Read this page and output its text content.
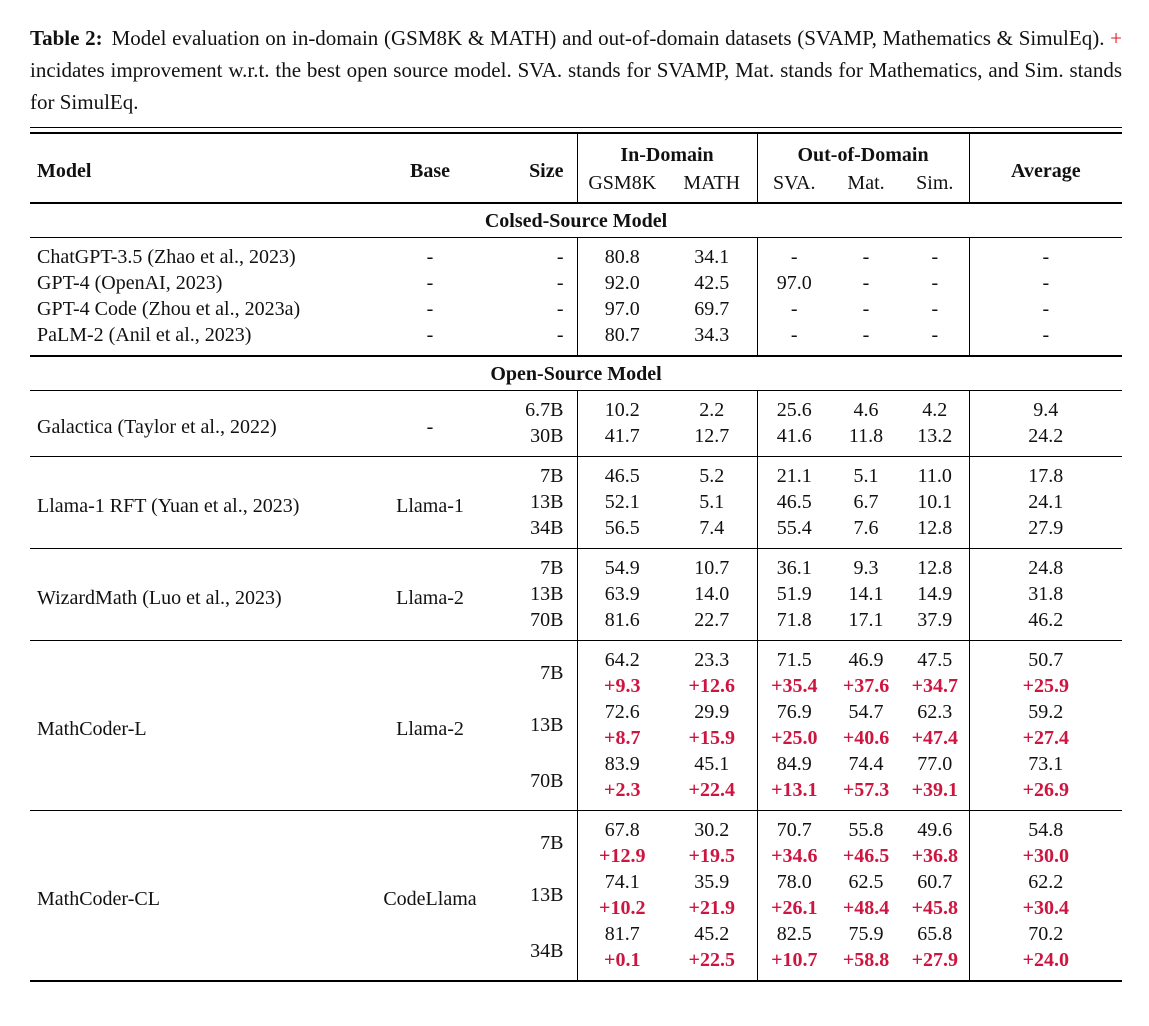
Table 2: Model evaluation on in-domain (GSM8K & MATH) and out-of-domain datasets (SVAMP, Mathematics & SimulEq). + incidates improvement w.r.t. the best open source model. SVA. stands for SVAMP, Mat. stands for Mathematics, and Sim. stands for SimulEq.
Model	Base	Size	In-Domain		Out-of-Domain			Average
			GSM8K	MATH	SVA.	Mat.	Sim.	
Colsed-Source Model								
ChatGPT-3.5 (Zhao et al., 2023)	-	-	80.8	34.1	-	-	-	-
GPT-4 (OpenAI, 2023)	-	-	92.0	42.5	97.0	-	-	-
GPT-4 Code (Zhou et al., 2023a)	-	-	97.0	69.7	-	-	-	-
PaLM-2 (Anil et al., 2023)	-	-	80.7	34.3	-	-	-	-
Open-Source Model								
Galactica (Taylor et al., 2022)	-	6.7B	10.2	2.2	25.6	4.6	4.2	9.4
		30B	41.7	12.7	41.6	11.8	13.2	24.2
Llama-1 RFT (Yuan et al., 2023)	Llama-1	7B	46.5	5.2	21.1	5.1	11.0	17.8
		13B	52.1	5.1	46.5	6.7	10.1	24.1
		34B	56.5	7.4	55.4	7.6	12.8	27.9
WizardMath (Luo et al., 2023)	Llama-2	7B	54.9	10.7	36.1	9.3	12.8	24.8
		13B	63.9	14.0	51.9	14.1	14.9	31.8
		70B	81.6	22.7	71.8	17.1	37.9	46.2
MathCoder-L	Llama-2	7B	64.2	23.3	71.5	46.9	47.5	50.7
			+9.3	+12.6	+35.4	+37.6	+34.7	+25.9
		13B	72.6	29.9	76.9	54.7	62.3	59.2
			+8.7	+15.9	+25.0	+40.6	+47.4	+27.4
		70B	83.9	45.1	84.9	74.4	77.0	73.1
			+2.3	+22.4	+13.1	+57.3	+39.1	+26.9
MathCoder-CL	CodeLlama	7B	67.8	30.2	70.7	55.8	49.6	54.8
			+12.9	+19.5	+34.6	+46.5	+36.8	+30.0
		13B	74.1	35.9	78.0	62.5	60.7	62.2
			+10.2	+21.9	+26.1	+48.4	+45.8	+30.4
		34B	81.7	45.2	82.5	75.9	65.8	70.2
			+0.1	+22.5	+10.7	+58.8	+27.9	+24.0
